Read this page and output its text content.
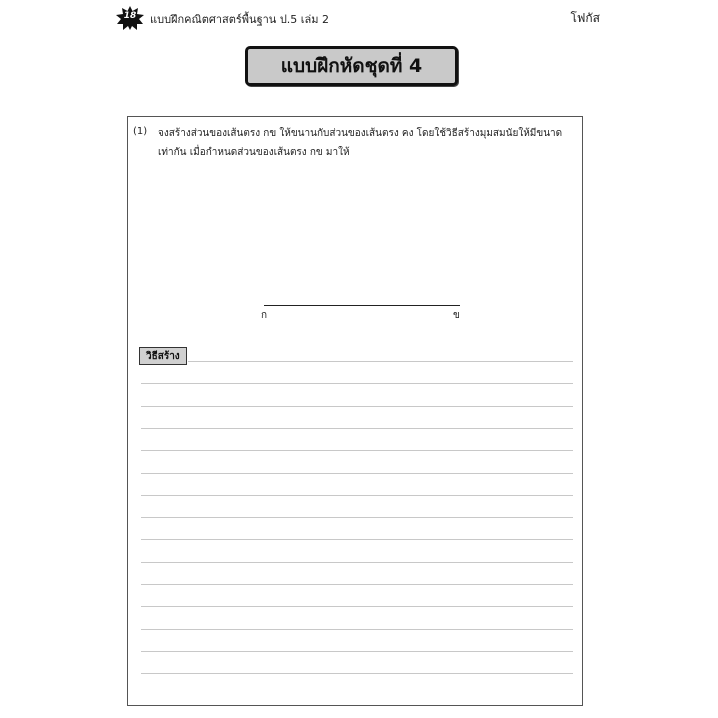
18	แบบฝึกคณิตศาสตร์พื้นฐาน ป.5 เล่ม 2	โฟกัส
แบบฝึกหัดชุดที่ 4
(1) จงสร้างส่วนของเส้นตรง กข ให้ขนานกับส่วนของเส้นตรง คง โดยใช้วิธีสร้างมุมสมนัยให้มีขนาด
เท่ากัน เมื่อกำหนดส่วนของเส้นตรง กข มาให้
ก	ข
วิธีสร้าง
